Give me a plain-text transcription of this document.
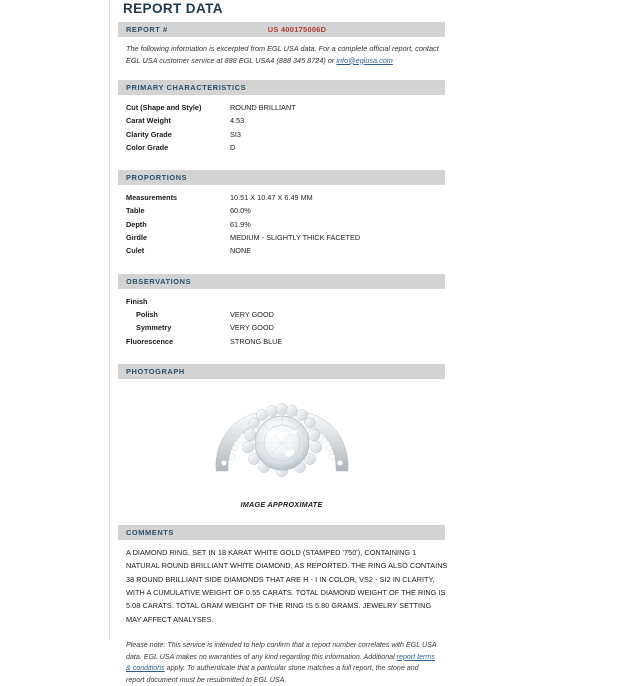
REPORT DATA
REPORT #	US 400175006D
The following information is excerpted from EGL USA data. For a complete official report, contact EGL USA customer service at 888 EGL USA4 (888 345 8724) or info@eglusa.com
PRIMARY CHARACTERISTICS
Cut (Shape and Style)	ROUND BRILLIANT
Carat Weight	4.53
Clarity Grade	SI3
Color Grade	D
PROPORTIONS
Measurements	10.51 X 10.47 X 6.49 MM
Table	60.0%
Depth	61.9%
Girdle	MEDIUM - SLIGHTLY THICK FACETED
Culet	NONE
OBSERVATIONS
Finish
Polish	VERY GOOD
Symmetry	VERY GOOD
Fluorescence	STRONG BLUE
PHOTOGRAPH
IMAGE APPROXIMATE
COMMENTS
A DIAMOND RING, SET IN 18 KARAT WHITE GOLD (STAMPED '750'), CONTAINING 1 NATURAL ROUND BRILLIANT WHITE DIAMOND, AS REPORTED. THE RING ALSO CONTAINS 38 ROUND BRILLIANT SIDE DIAMONDS THAT ARE H - I IN COLOR, VS2 - SI2 IN CLARITY, WITH A CUMULATIVE WEIGHT OF 0.55 CARATS. TOTAL DIAMOND WEIGHT OF THE RING IS 5.08 CARATS. TOTAL GRAM WEIGHT OF THE RING IS 5.80 GRAMS. JEWELRY SETTING MAY AFFECT ANALYSES.
Please note: This service is intended to help confirm that a report number correlates with EGL USA data. EGL USA makes no warranties of any kind regarding this information. Additional report terms & conditions apply. To authenticate that a particular stone matches a full report, the stone and report document must be resubmitted to EGL USA.
